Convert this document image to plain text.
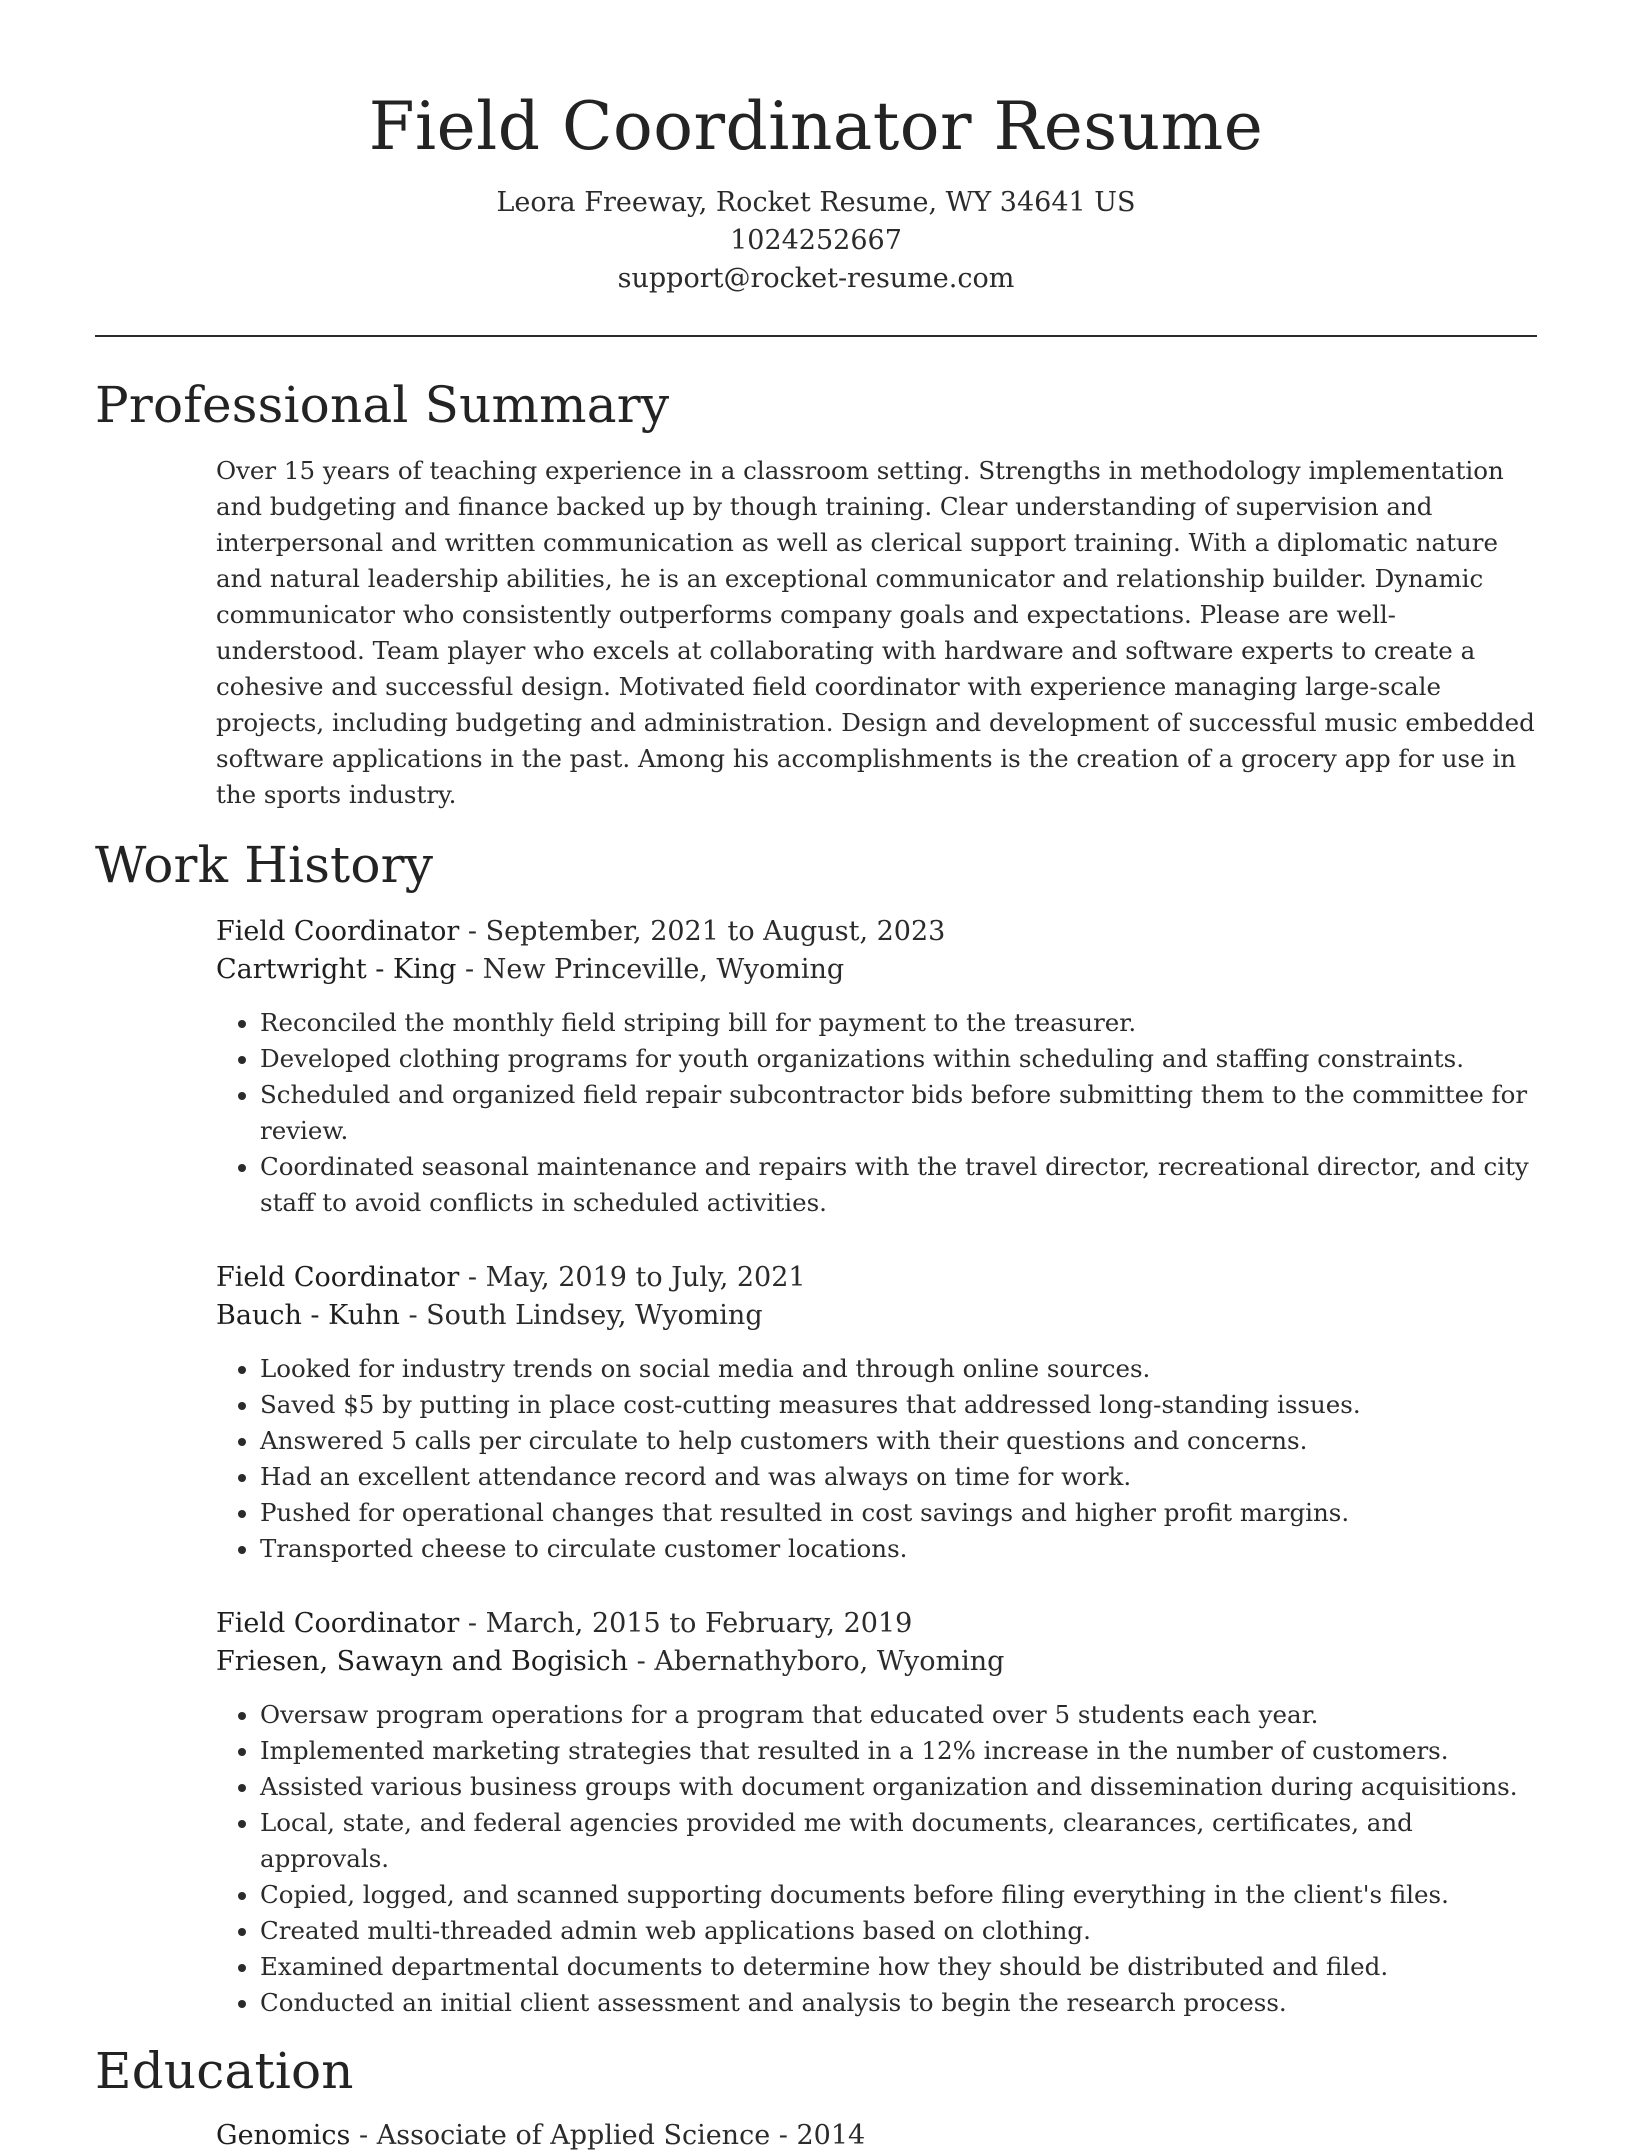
Field Coordinator Resume
Leora Freeway, Rocket Resume, WY 34641 US
1024252667
support@rocket-resume.com
Professional Summary

Over 15 years of teaching experience in a classroom setting. Strengths in methodology implementation and budgeting and finance backed up by though training. Clear understanding of supervision and interpersonal and written communication as well as clerical support training. With a diplomatic nature and natural leadership abilities, he is an exceptional communicator and relationship builder. Dynamic communicator who consistently outperforms company goals and expectations. Please are well-understood. Team player who excels at collaborating with hardware and software experts to create a cohesive and successful design. Motivated field coordinator with experience managing large-scale projects, including budgeting and administration. Design and development of successful music embedded software applications in the past. Among his accomplishments is the creation of a grocery app for use in the sports industry.

Work History
Field Coordinator - September, 2021 to August, 2023
Cartwright - King - New Princeville, Wyoming
• Reconciled the monthly field striping bill for payment to the treasurer.
• Developed clothing programs for youth organizations within scheduling and staffing constraints.
• Scheduled and organized field repair subcontractor bids before submitting them to the committee for review.
• Coordinated seasonal maintenance and repairs with the travel director, recreational director, and city staff to avoid conflicts in scheduled activities.
Field Coordinator - May, 2019 to July, 2021
Bauch - Kuhn - South Lindsey, Wyoming
• Looked for industry trends on social media and through online sources.
• Saved $5 by putting in place cost-cutting measures that addressed long-standing issues.
• Answered 5 calls per circulate to help customers with their questions and concerns.
• Had an excellent attendance record and was always on time for work.
• Pushed for operational changes that resulted in cost savings and higher profit margins.
• Transported cheese to circulate customer locations.
Field Coordinator - March, 2015 to February, 2019
Friesen, Sawayn and Bogisich - Abernathyboro, Wyoming
• Oversaw program operations for a program that educated over 5 students each year.
• Implemented marketing strategies that resulted in a 12% increase in the number of customers.
• Assisted various business groups with document organization and dissemination during acquisitions.
• Local, state, and federal agencies provided me with documents, clearances, certificates, and approvals.
• Copied, logged, and scanned supporting documents before filing everything in the client's files.
• Created multi-threaded admin web applications based on clothing.
• Examined departmental documents to determine how they should be distributed and filed.
• Conducted an initial client assessment and analysis to begin the research process.
Education
Genomics - Associate of Applied Science - 2014
